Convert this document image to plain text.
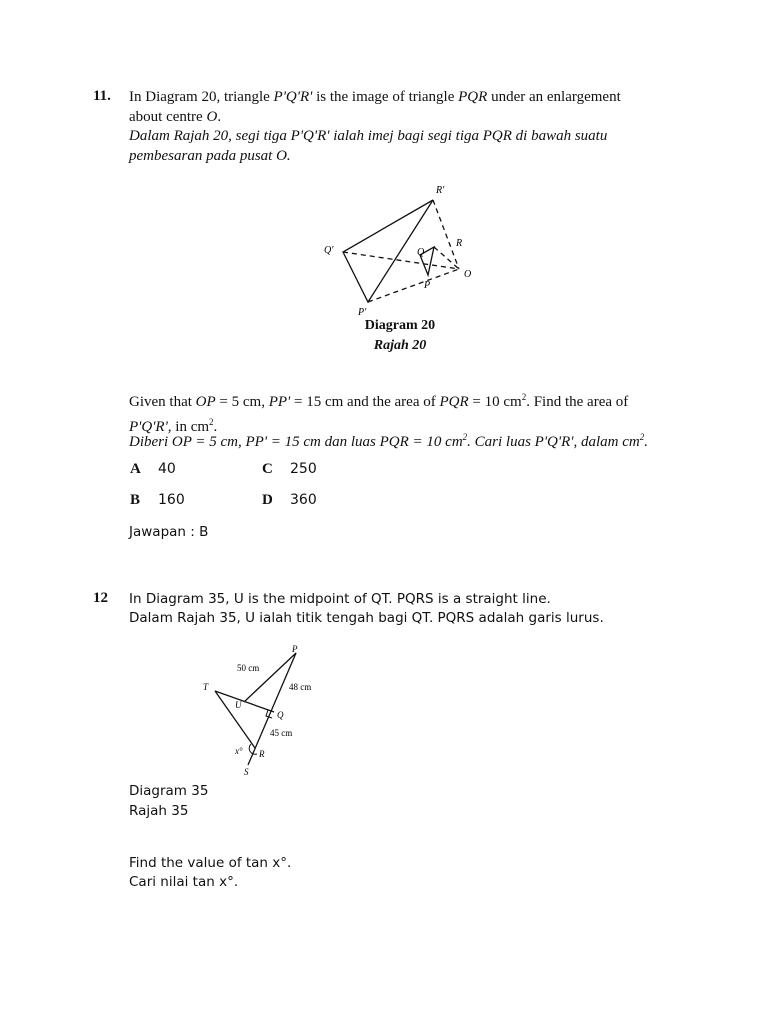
11. In Diagram 20, triangle P'Q'R' is the image of triangle PQR under an enlargement
about centre O.
Dalam Rajah 20, segi tiga P'Q'R' ialah imej bagi segi tiga PQR di bawah suatu
pembesaran pada pusat O.
R'
Q'
P'
Q
R
P
O
Diagram 20
Rajah 20
Given that OP = 5 cm, PP' = 15 cm and the area of PQR = 10 $cm^2$. Find the area of
P'Q'R', in $cm^2$.
Diberi OP = 5 cm, PP' = 15 cm dan luas PQR = 10 $cm^2$. Cari luas P'Q'R', dalam $cm^2$.
A 40	C 250
B 160	D 360
Jawapan : B
12 In Diagram 35, U is the midpoint of QT. PQRS is a straight line.
Dalam Rajah 35, U ialah titik tengah bagi QT. PQRS adalah garis lurus.
P
T
U
Q
R
S
x°
50 cm
48 cm
45 cm
Diagram 35
Rajah 35
Find the value of tan x°.
Cari nilai tan x°.
